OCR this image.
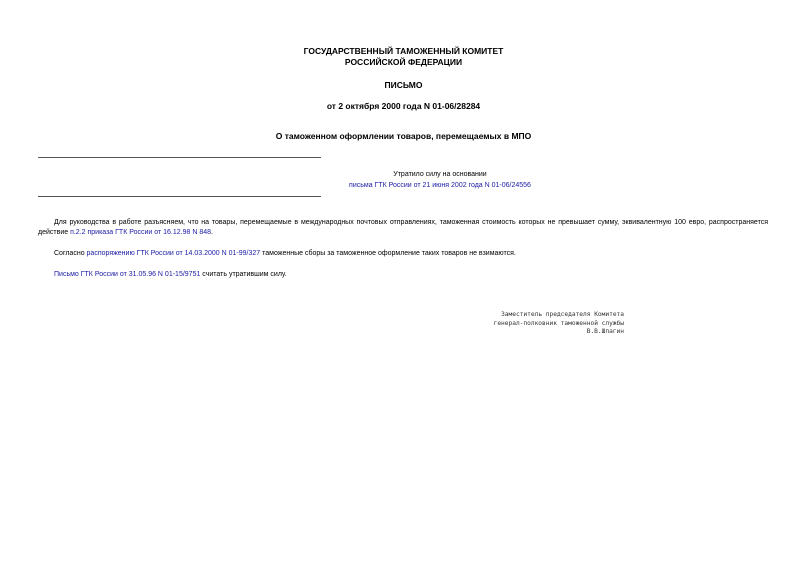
ГОСУДАРСТВЕННЫЙ ТАМОЖЕННЫЙ КОМИТЕТ
РОССИЙСКОЙ ФЕДЕРАЦИИ
ПИСЬМО
от 2 октября 2000 года N 01-06/28284
О таможенном оформлении товаров, перемещаемых в МПО
Утратило силу на основании
письма ГТК России от 21 июня 2002 года N 01-06/24556
Для руководства в работе разъясняем, что на товары, перемещаемые в международных почтовых отправлениях, таможенная стоимость которых не превышает сумму, эквивалентную 100 евро, распространяется действие п.2.2 приказа ГТК России от 16.12.98 N 848.
Согласно распоряжению ГТК России от 14.03.2000 N 01-99/327 таможенные сборы за таможенное оформление таких товаров не взимаются.
Письмо ГТК России от 31.05.96 N 01-15/9751 считать утратившим силу.
Заместитель председателя Комитета
генерал-полковник таможенной службы
В.В.Шпагин
